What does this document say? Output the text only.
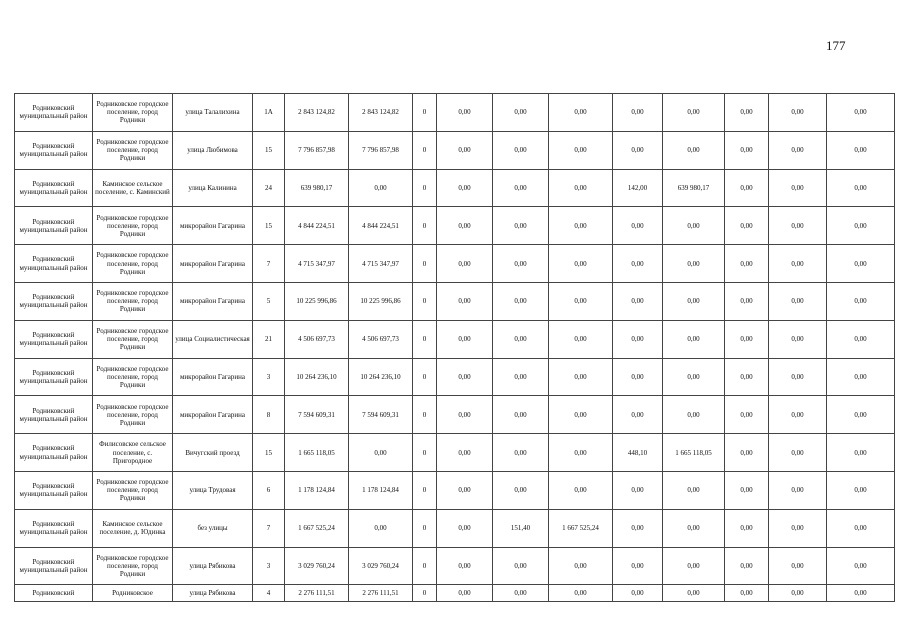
177
Родниковский муниципальный район	Родниковское городское поселение, город Родники	улица Талалихина	1А	2 843 124,82	2 843 124,82	0	0,00	0,00	0,00	0,00	0,00	0,00	0,00	0,00
Родниковский муниципальный район	Родниковское городское поселение, город Родники	улица Любимова	15	7 796 857,98	7 796 857,98	0	0,00	0,00	0,00	0,00	0,00	0,00	0,00	0,00
Родниковский муниципальный район	Каминское сельское поселение, с. Каминский	улица Калинина	24	639 980,17	0,00	0	0,00	0,00	0,00	142,00	639 980,17	0,00	0,00	0,00
Родниковский муниципальный район	Родниковское городское поселение, город Родники	микрорайон Гагарина	15	4 844 224,51	4 844 224,51	0	0,00	0,00	0,00	0,00	0,00	0,00	0,00	0,00
Родниковский муниципальный район	Родниковское городское поселение, город Родники	микрорайон Гагарина	7	4 715 347,97	4 715 347,97	0	0,00	0,00	0,00	0,00	0,00	0,00	0,00	0,00
Родниковский муниципальный район	Родниковское городское поселение, город Родники	микрорайон Гагарина	5	10 225 996,86	10 225 996,86	0	0,00	0,00	0,00	0,00	0,00	0,00	0,00	0,00
Родниковский муниципальный район	Родниковское городское поселение, город Родники	улица Социалистическая	21	4 506 697,73	4 506 697,73	0	0,00	0,00	0,00	0,00	0,00	0,00	0,00	0,00
Родниковский муниципальный район	Родниковское городское поселение, город Родники	микрорайон Гагарина	3	10 264 236,10	10 264 236,10	0	0,00	0,00	0,00	0,00	0,00	0,00	0,00	0,00
Родниковский муниципальный район	Родниковское городское поселение, город Родники	микрорайон Гагарина	8	7 594 609,31	7 594 609,31	0	0,00	0,00	0,00	0,00	0,00	0,00	0,00	0,00
Родниковский муниципальный район	Филисовское сельское поселение, с. Пригородное	Вичугский проезд	15	1 665 118,05	0,00	0	0,00	0,00	0,00	448,10	1 665 118,05	0,00	0,00	0,00
Родниковский муниципальный район	Родниковское городское поселение, город Родники	улица Трудовая	6	1 178 124,84	1 178 124,84	0	0,00	0,00	0,00	0,00	0,00	0,00	0,00	0,00
Родниковский муниципальный район	Каминское сельское поселение, д. Юдинка	без улицы	7	1 667 525,24	0,00	0	0,00	151,40	1 667 525,24	0,00	0,00	0,00	0,00	0,00
Родниковский муниципальный район	Родниковское городское поселение, город Родники	улица Рябикова	3	3 029 760,24	3 029 760,24	0	0,00	0,00	0,00	0,00	0,00	0,00	0,00	0,00
Родниковский	Родниковское	улица Рябикова	4	2 276 111,51	2 276 111,51	0	0,00	0,00	0,00	0,00	0,00	0,00	0,00	0,00
